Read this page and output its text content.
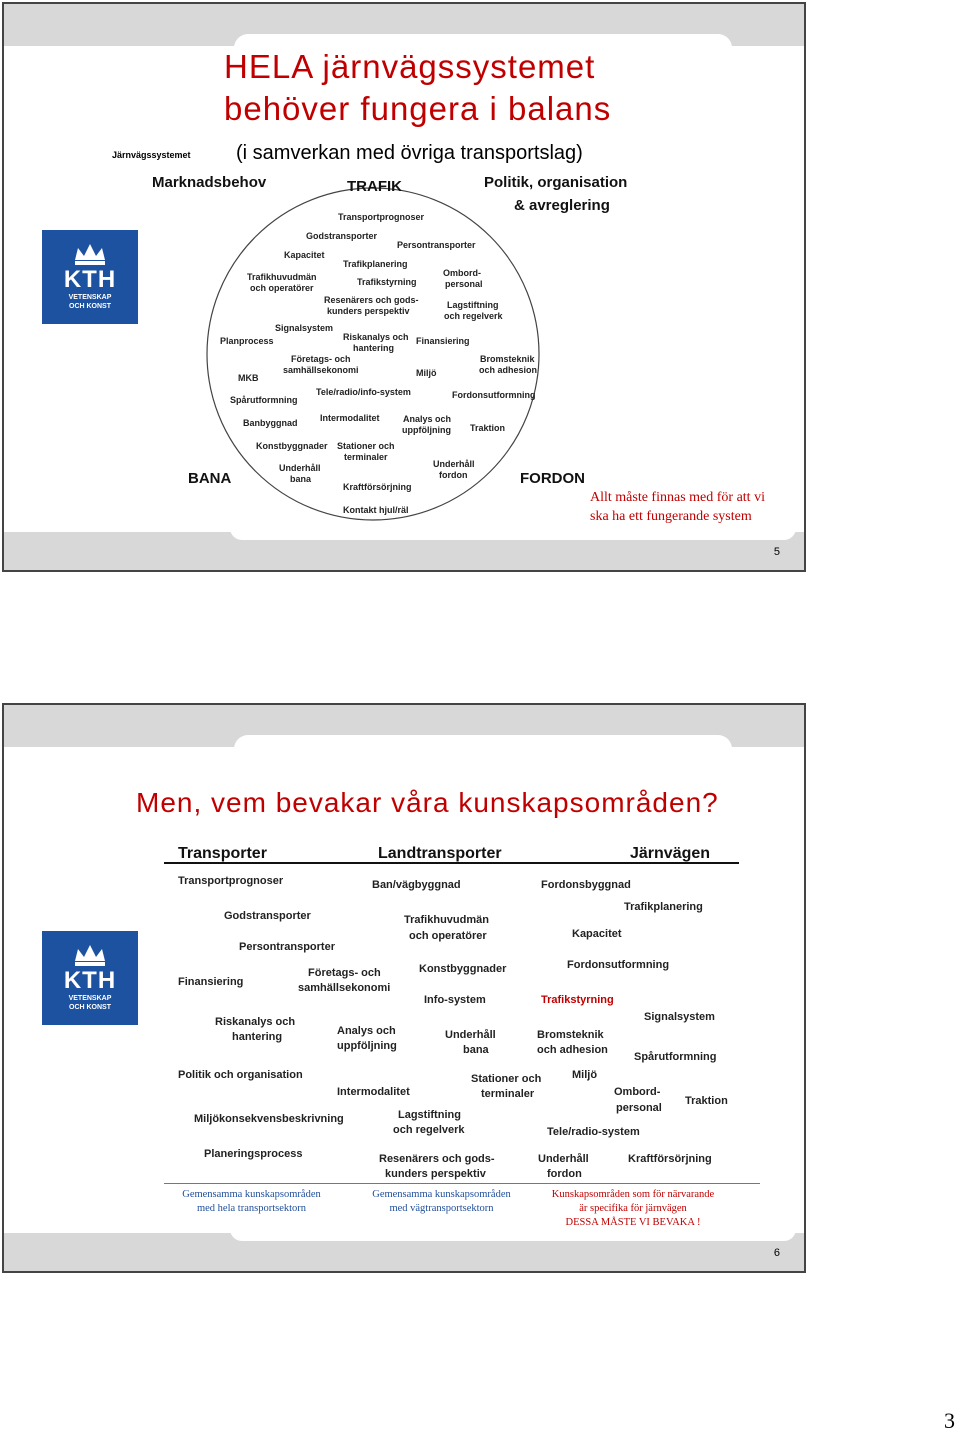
5
HELA järnvägssystemet
behöver fungera i balans
Järnvägssystemet (i samverkan med övriga transportslag)
KTH
VETENSKAP
OCH KONST
Marknadsbehov	TRAFIK	Politik, organisation
& avreglering
BANA	FORDON
Allt måste finnas med för att vi
ska ha ett fungerande system
Transportprognoser
Godstransporter
Persontransporter
Kapacitet
Trafikplanering
Trafikhuvudmän
och operatörer
Trafikstyrning
Ombord-
personal
Resenärers och gods-
kunders perspektiv
Lagstiftning
och regelverk
Signalsystem
Riskanalys och
hantering
Planprocess	Finansiering
Företags- och
samhällsekonomi
Bromsteknik
och adhesion
MKB	Miljö
Tele/radio/info-system	Fordonsutformning
Spårutformning
Banbyggnad Intermodalitet	Analys och
uppföljning Traktion
Konstbyggnader Stationer och
terminaler
Underhåll
bana
Underhåll
fordon
Kraftförsörjning
Kontakt hjul/räl
6
Men, vem bevakar våra kunskapsområden?
Transporter	Landtransporter	Järnvägen
KTH
VETENSKAP
OCH KONST
Transportprognoser	Ban/vägbyggnad	Fordonsbyggnad
Trafikplanering
Godstransporter	Trafikhuvudmän
och operatörer	Kapacitet
Persontransporter
Företags- och	Konstbyggnader	Fordonsutformning
Finansiering	samhällsekonomi
Info-system	Trafikstyrning
Signalsystem
Riskanalys och
hantering	Analys och
uppföljning
Underhåll
bana
Bromsteknik
och adhesion
Spårutformning
Politik och organisation	Stationer och
terminaler
Miljö
Intermodalitet	Ombord-
personal
Traktion
Miljökonsekvensbeskrivning	Lagstiftning
och regelverk	Tele/radio-system
Planeringsprocess	Resenärers och gods-
kunders perspektiv
Underhåll
fordon
Kraftförsörjning
Gemensamma kunskapsområden
med hela transportsektorn
Gemensamma kunskapsområden
med vägtransportsektorn
Kunskapsområden som för närvarande
är specifika för järnvägen
DESSA MÅSTE VI BEVAKA !
3
